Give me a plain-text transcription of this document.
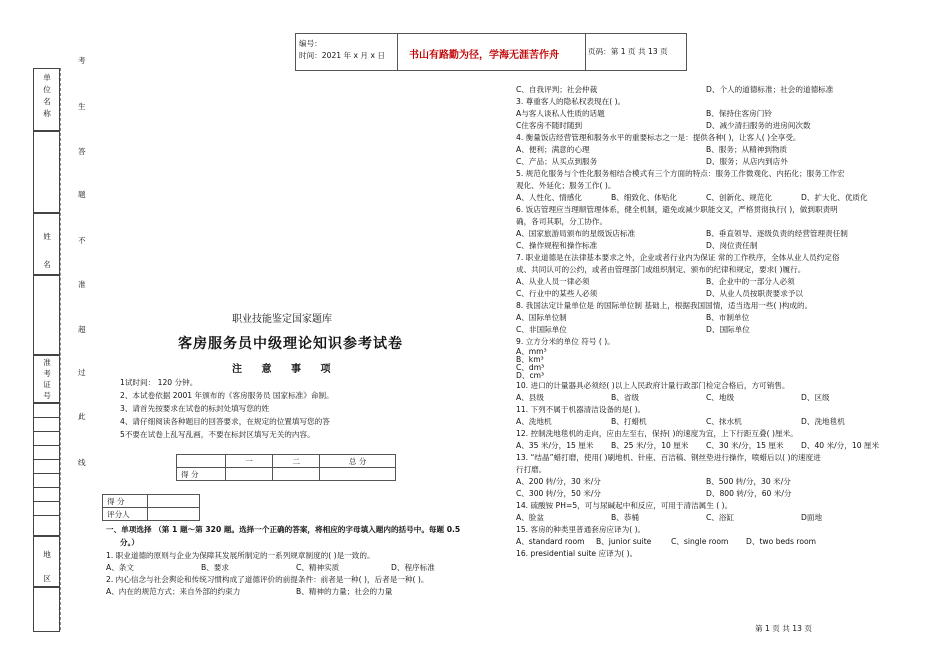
编号：
时间：2021 年 x 月 x 日 书山有路勤为径，学海无涯苦作舟	页码：第 1 页 共 13 页
单
位
名
称
姓
名
准
考
证
号
地
区
考
生
答
题
不
准
超
过
此
线
职业技能鉴定国家题库
客房服务员中级理论知识参考试卷
注 意 事 项
1试时间： 120 分钟。
2、本试卷依据 2001 年颁布的《客房服务员 国家标准》命制。
3、请首先按要求在试卷的标封处填写您的姓
4、请仔细阅读各种题目的回答要求，在规定的位置填写您的答
5不要在试卷上乱写乱画，不要在标封区填写无关的内容。
	一	二	总 分
得 分			
得 分	
评分人	
一、单项选择 （第 1 题～第 320 题。选择一个正确的答案，将相应的字母填入题内的括号中。每题 0.5
分。）
1. 职业道德的原则与企业为保障其发展所制定的一系列规章制度的( )是一致的。
A、条文	B、要求	C、精神实质	D、程序标准
2. 内心信念与社会舆论和传统习惯构成了道德评价的前提条件：前者是一种( )，后者是一种( )。
A、内在的规范方式；来自外部的约束力	B、精神的力量；社会的力量
C、自我评判；社会仲裁	D、个人的道德标准；社会的道德标准
3. 尊重客人的隐私权表现在( )。
A与客人谈私人性质的话题	B、保持住客房门铃
C住客房不随时随到	D、减少清扫服务的进房间次数
4. 衡量饭店经营管理和服务水平的重要标志之一是：提供各种( )，让客人( )全享受。
A、便利；满意的心理	B、服务；从精神到物质
C、产品；从买点到服务	D、服务；从店内到店外
5. 规范化服务与个性化服务相结合模式有三个方面的特点：服务工作微观化、内拓化；服务工作宏
观化、外延化；服务工作( )。
A、人性化、情感化	B、细致化、体贴化	C、创新化、规范化	D、扩大化、优质化
6. 饭店管理应当理顺管理体系，健全机制，避免或减少职能交叉，严格贯彻执行( )，做到职责明
确，各司其职，分工协作。
A、国家旅游局颁布的星级饭店标准	B、垂直领导、逐级负责的经营管理责任制
C、操作规程和操作标准	D、岗位责任制
7. 职业道德是在法律基本要求之外，企业或者行业内为保证 常的工作秩序，全体从业人员约定俗
成、共同认可的公约，或者由管理部门或组织制定、颁布的纪律和规定，要求( )履行。
A、从业人员一律必须	B、企业中的一部分人必须
C、行业中的某些人必须	D、从业人员按职责要求予以
8. 我国法定计量单位是 的国际单位制 基础上，根据我国国情，适当选用一些( )构成的。
A、国际单位制	B、市制单位
C、非国际单位	D、国际单位
9. 立方分米的单位 符号 ( )。
A、mm³
B、km³
C、dm³
D、cm³
10. 进口的计量器具必须经( )以上人民政府计量行政部门检定合格后，方可销售。
A、县级	B、省级	C、地级	D、区级
11. 下列不属于机器清洁设备的是( )。
A、洗地机	B、打蜡机	C、抹水机	D、洗地毯机
12. 控制洗地毯机的走向，应由左至右，保持( )的速度为宜，上下行距互叠( )厘米。
A、35 米/分，15 厘米	B、25 米/分，10 厘米	C、30 米/分，15 厘米	D、40 米/分，10 厘米
13. “结晶”蜡打磨，使用( )刷地机、针座、百洁稿、钢丝垫进行操作，喷蜡后以( )的速度进
行打磨。
A、200 转/分，30 米/分	B、500 转/分，30 米/分
C、300 转/分，50 米/分	D、800 转/分，60 米/分
14. 硫酸铵 PH=5，可与尿碱起中和反应，可用于清洁属生 ( )。
A、脸盆	B、恭桶	C、浴缸	D面地
15. 客房的种类里普通套房应译为( )。
A、standard room	B、junior suite	C、single room	D、two beds room
16. presidential suite 应译为( )。
第 1 页 共 13 页
